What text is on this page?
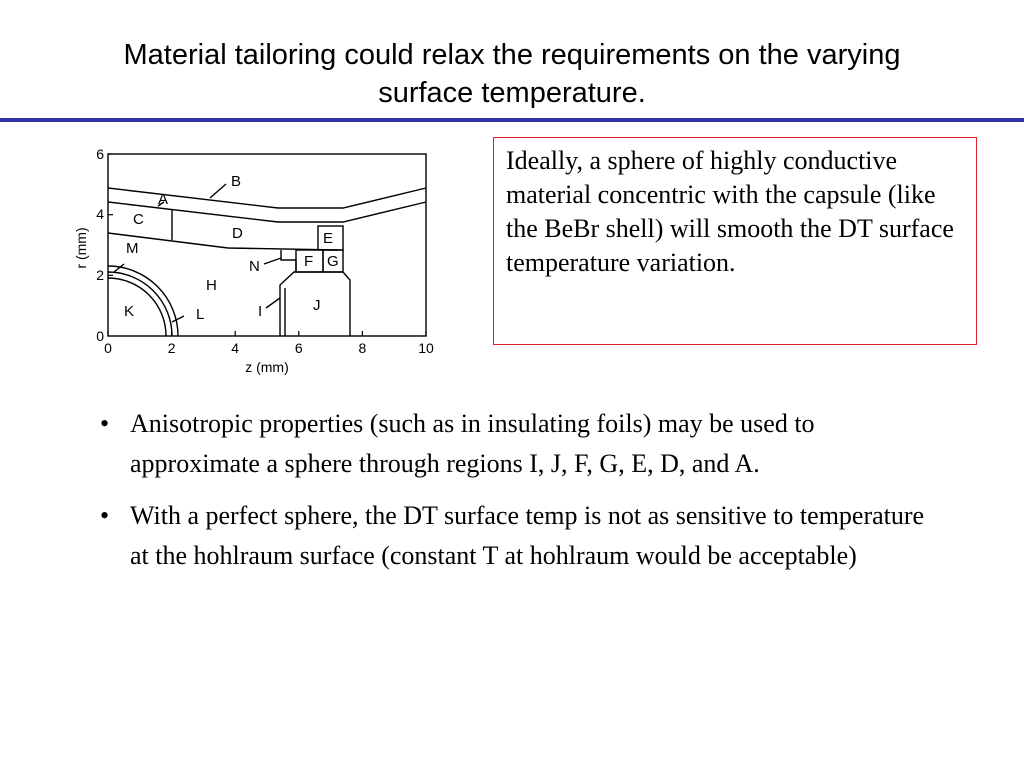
Material tailoring could relax the requirements on the varying
surface temperature.
0	2	4	6	8	10
0
2
4
6
z (mm)
r (mm)
B
A
C
D	E
F G
M
N
H
J
I
K	L
Ideally, a sphere of highly conductive material concentric with the capsule (like the BeBr shell) will smooth the DT surface temperature variation.
• Anisotropic properties (such as in insulating foils) may be used to approximate a sphere through regions I, J, F, G, E, D, and A.
• With a perfect sphere, the DT surface temp is not as sensitive to temperature at the hohlraum surface (constant T at hohlraum would be acceptable)
